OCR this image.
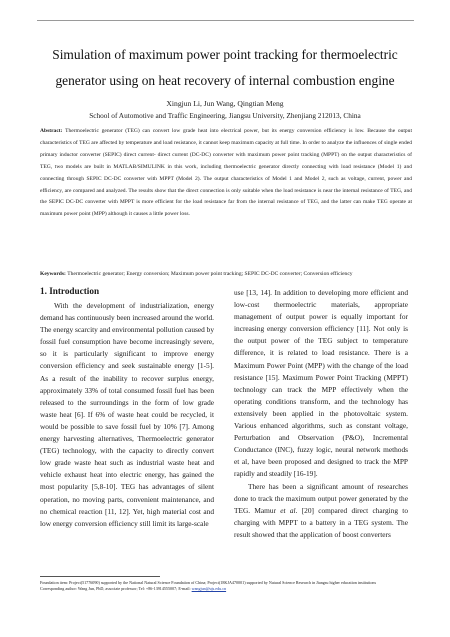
Simulation of maximum power point tracking for thermoelectric
generator using on heat recovery of internal combustion engine
Xingjun Li, Jun Wang, Qingtian Meng
School of Automotive and Traffic Engineering, Jiangsu University, Zhenjiang 212013, China
Abstract: Thermoelectric generator (TEG) can convert low grade heat into electrical power, but its energy conversion efficiency is low. Because the output characteristics of TEG are affected by temperature and load resistance, it cannot keep maximum capacity at full time. In order to analyze the influences of single ended primary inductor converter (SEPIC) direct current- direct current (DC-DC) converter with maximum power point tracking (MPPT) on the output characteristics of TEG, two models are built in MATLAB/SIMULINK in this work, including thermoelectric generator directly connecting with load resistance (Model 1) and connecting through SEPIC DC-DC converter with MPPT (Model 2). The output characteristics of Model 1 and Model 2, such as voltage, current, power and efficiency, are compared and analyzed. The results show that the direct connection is only suitable when the load resistance is near the internal resistance of TEG, and the SEPIC DC-DC converter with MPPT is more efficient for the load resistance far from the internal resistance of TEG, and the latter can make TEG operate at maximum power point (MPP) although it causes a little power loss.
Keywords: Thermoelectric generator; Energy conversion; Maximum power point tracking; SEPIC DC-DC converter; Conversion efficiency
1. Introduction

With the development of industrialization, energy demand has continuously been increased around the world. The energy scarcity and environmental pollution caused by fossil fuel consumption have become increasingly severe, so it is particularly significant to improve energy conversion efficiency and seek sustainable energy [1-5]. As a result of the inability to recover surplus energy, approximately 33% of total consumed fossil fuel has been released to the surroundings in the form of low grade waste heat [6]. If 6% of waste heat could be recycled, it would be possible to save fossil fuel by 10% [7]. Among energy harvesting alternatives, Thermoelectric generator (TEG) technology, with the capacity to directly convert low grade waste heat such as industrial waste heat and vehicle exhaust heat into electric energy, has gained the most popularity [5,8-10]. TEG has advantages of silent operation, no moving parts, convenient maintenance, and no chemical reaction [11, 12]. Yet, high material cost and low energy conversion efficiency still limit its large-scale

use [13, 14]. In addition to developing more efficient and low-cost thermoelectric materials, appropriate management of output power is equally important for increasing energy conversion efficiency [11]. Not only is the output power of the TEG subject to temperature difference, it is related to load resistance. There is a Maximum Power Point (MPP) with the change of the load resistance [15]. Maximum Power Point Tracking (MPPT) technology can track the MPP effectively when the operating conditions transform, and the technology has extensively been applied in the photovoltaic system. Various enhanced algorithms, such as constant voltage, Perturbation and Observation (P&O), Incremental Conductance (INC), fuzzy logic, neural network methods et al, have been proposed and designed to track the MPP rapidly and steadily [16-19].

There has been a significant amount of researches done to track the maximum output power generated by the TEG. Mamur et al. [20] compared direct charging to charging with MPPT to a battery in a TEG system. The result showed that the application of boost converters

Foundation item: Project(51776090) supported by the National Natural Science Foundation of China; Project(18KJA470001) supported by Natural Science Research in Jiangsu higher education institutions
Corresponding author: Wang Jun, PhD, associate professor; Tel: +86-13914555007; E-mail: wangjun@ujs.edu.cn
